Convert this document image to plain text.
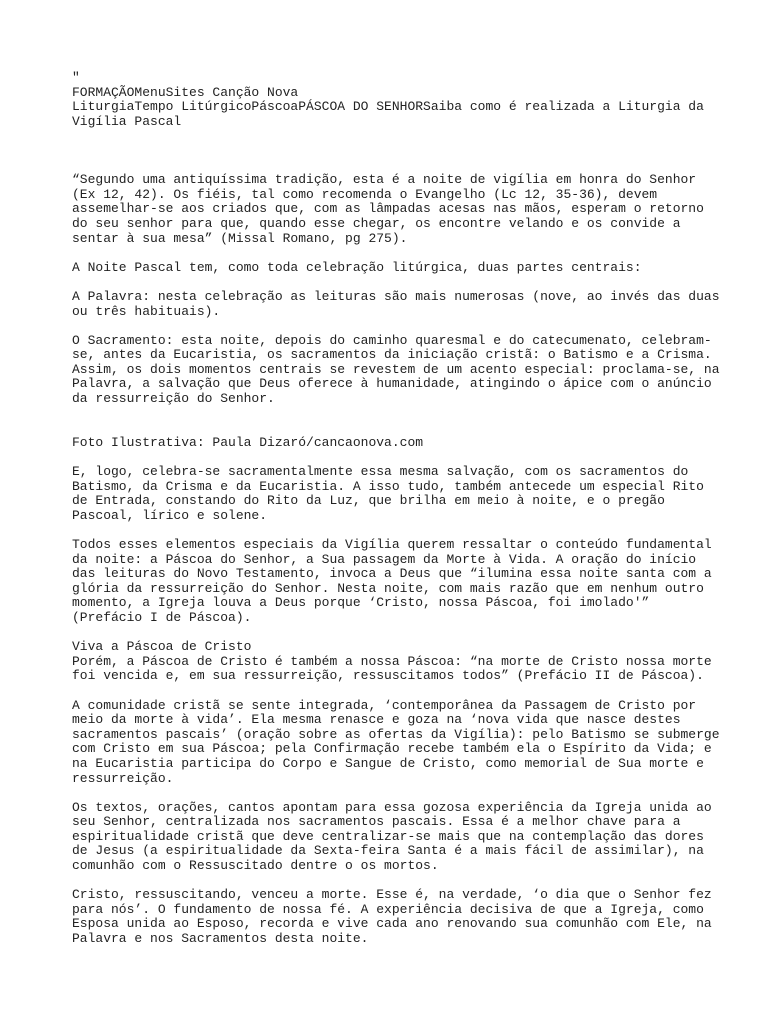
"
FORMAÇÃOMenuSites Canção Nova
LiturgiaTempo LitúrgicoPáscoaPÁSCOA DO SENHORSaiba como é realizada a Liturgia da
Vigília Pascal
“Segundo uma antiquíssima tradição, esta é a noite de vigília em honra do Senhor
(Ex 12, 42). Os fiéis, tal como recomenda o Evangelho (Lc 12, 35-36), devem
assemelhar-se aos criados que, com as lâmpadas acesas nas mãos, esperam o retorno
do seu senhor para que, quando esse chegar, os encontre velando e os convide a
sentar à sua mesa” (Missal Romano, pg 275).
A Noite Pascal tem, como toda celebração litúrgica, duas partes centrais:
A Palavra: nesta celebração as leituras são mais numerosas (nove, ao invés das duas
ou três habituais).
O Sacramento: esta noite, depois do caminho quaresmal e do catecumenato, celebram-
se, antes da Eucaristia, os sacramentos da iniciação cristã: o Batismo e a Crisma.
Assim, os dois momentos centrais se revestem de um acento especial: proclama-se, na
Palavra, a salvação que Deus oferece à humanidade, atingindo o ápice com o anúncio
da ressurreição do Senhor.
Foto Ilustrativa: Paula Dizaró/cancaonova.com
E, logo, celebra-se sacramentalmente essa mesma salvação, com os sacramentos do
Batismo, da Crisma e da Eucaristia. A isso tudo, também antecede um especial Rito
de Entrada, constando do Rito da Luz, que brilha em meio à noite, e o pregão
Pascoal, lírico e solene.
Todos esses elementos especiais da Vigília querem ressaltar o conteúdo fundamental
da noite: a Páscoa do Senhor, a Sua passagem da Morte à Vida. A oração do início
das leituras do Novo Testamento, invoca a Deus que “ilumina essa noite santa com a
glória da ressurreição do Senhor. Nesta noite, com mais razão que em nenhum outro
momento, a Igreja louva a Deus porque ‘Cristo, nossa Páscoa, foi imolado'”
(Prefácio I de Páscoa).
Viva a Páscoa de Cristo
Porém, a Páscoa de Cristo é também a nossa Páscoa: “na morte de Cristo nossa morte
foi vencida e, em sua ressurreição, ressuscitamos todos” (Prefácio II de Páscoa).
A comunidade cristã se sente integrada, ‘contemporânea da Passagem de Cristo por
meio da morte à vida’. Ela mesma renasce e goza na ‘nova vida que nasce destes
sacramentos pascais’ (oração sobre as ofertas da Vigília): pelo Batismo se submerge
com Cristo em sua Páscoa; pela Confirmação recebe também ela o Espírito da Vida; e
na Eucaristia participa do Corpo e Sangue de Cristo, como memorial de Sua morte e
ressurreição.
Os textos, orações, cantos apontam para essa gozosa experiência da Igreja unida ao
seu Senhor, centralizada nos sacramentos pascais. Essa é a melhor chave para a
espiritualidade cristã que deve centralizar-se mais que na contemplação das dores
de Jesus (a espiritualidade da Sexta-feira Santa é a mais fácil de assimilar), na
comunhão com o Ressuscitado dentre o os mortos.
Cristo, ressuscitando, venceu a morte. Esse é, na verdade, ‘o dia que o Senhor fez
para nós’. O fundamento de nossa fé. A experiência decisiva de que a Igreja, como
Esposa unida ao Esposo, recorda e vive cada ano renovando sua comunhão com Ele, na
Palavra e nos Sacramentos desta noite.
